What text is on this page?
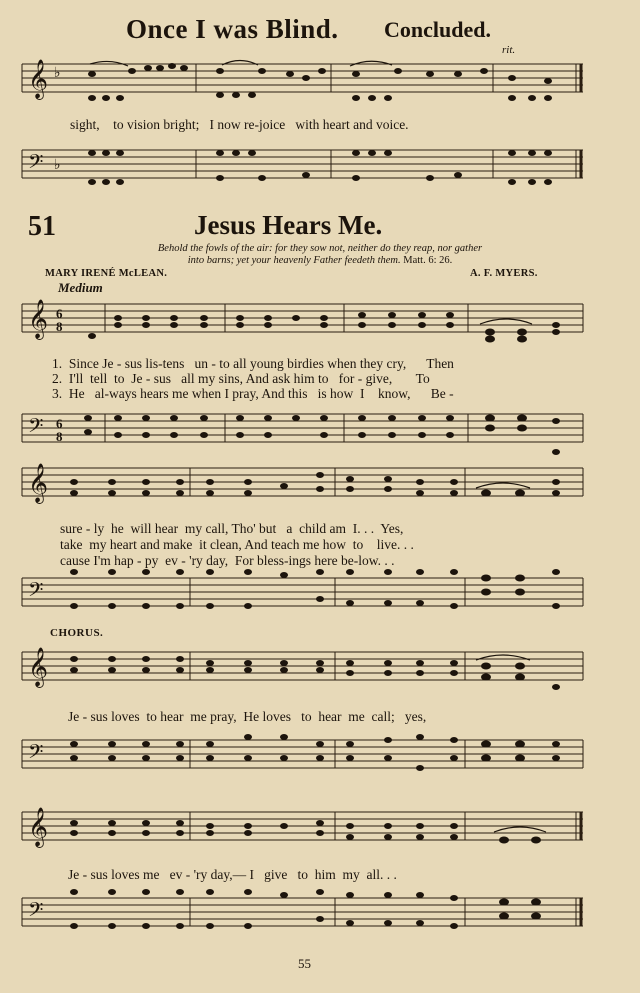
Once I was Blind. Concluded.
rit.
𝄞 ♭
sight,    to vision bright;   I now re-joice   with heart and voice.
𝄢 ♭
51	Jesus Hears Me.
Behold the fowls of the air: for they sow not, neither do they reap, nor gather
into barns; yet your heavenly Father feedeth them. Matt. 6: 26.
MARY IRENÉ McLEAN.	A. F. MYERS.
Medium
𝄞 6
8
1.  Since Je - sus lis-tens   un - to all young birdies when they cry,      Then
2.  I'll  tell  to  Je - sus   all my sins, And ask him to   for - give,       To
3.  He   al-ways hears me when I pray, And this   is how  I    know,      Be -
𝄢 6
8
𝄞
sure - ly  he  will hear  my call, Tho' but   a  child am  I. . .  Yes,
take  my heart and make  it clean, And teach me how  to    live. . .
cause I'm hap - py  ev - 'ry day,  For bless-ings here be-low. . .
𝄢
CHORUS.
𝄞
Je - sus loves  to hear  me pray,  He loves   to  hear  me  call;   yes,
𝄢
𝄞
Je - sus loves me   ev - 'ry day,— I   give   to  him  my  all. . .
𝄢
55
